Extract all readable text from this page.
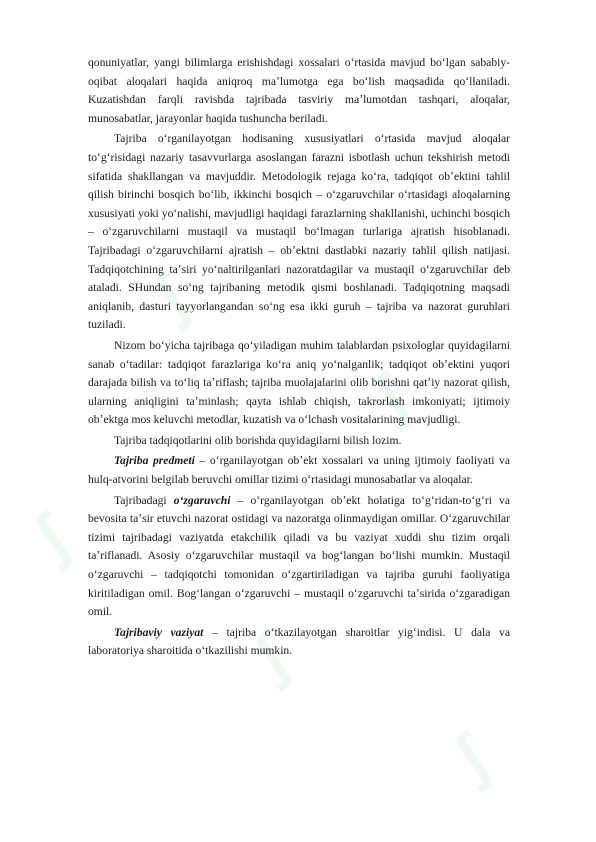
ʃ
ʃ
ʃ
ʃ
ʃ

qonuniyatlar, yangi bilimlarga erishishdagi xossalari oʻrtasida mavjud boʻlgan sababiy-oqibat aloqalari haqida aniqroq maʼlumotga ega boʻlish maqsadida qoʻllaniladi. Kuzatishdan farqli ravishda tajribada tasviriy maʼlumotdan tashqari, aloqalar, munosabatlar, jarayonlar haqida tushuncha beriladi.

Tajriba oʻrganilayotgan hodisaning xususiyatlari oʻrtasida mavjud aloqalar toʻgʻrisidagi nazariy tasavvurlarga asoslangan farazni isbotlash uchun tekshirish metodi sifatida shakllangan va mavjuddir. Metodologik rejaga koʻra, tadqiqot obʼektini tahlil qilish birinchi bosqich boʻlib, ikkinchi bosqich – oʻzgaruvchilar oʻrtasidagi aloqalarning xususiyati yoki yoʻnalishi, mavjudligi haqidagi farazlarning shakllanishi, uchinchi bosqich – oʻzgaruvchilarni mustaqil va mustaqil boʻlmagan turlariga ajratish hisoblanadi. Tajribadagi oʻzgaruvchilarni ajratish – obʼektni dastlabki nazariy tahlil qilish natijasi. Tadqiqotchining taʼsiri yoʻnaltirilganlari nazoratdagilar va mustaqil oʻzgaruvchilar deb ataladi. SHundan soʻng tajribaning metodik qismi boshlanadi. Tadqiqotning maqsadi aniqlanib, dasturi tayyorlangandan soʻng esa ikki guruh – tajriba va nazorat guruhlari tuziladi.

Nizom boʻyicha tajribaga qoʻyiladigan muhim talablardan psixologlar quyidagilarni sanab oʻtadilar: tadqiqot farazlariga koʻra aniq yoʻnalganlik; tadqiqot obʼektini yuqori darajada bilish va toʻliq taʼriflash; tajriba muolajalarini olib borishni qatʼiy nazorat qilish, ularning aniqligini taʼminlash; qayta ishlab chiqish, takrorlash imkoniyati; ijtimoiy obʼektga mos keluvchi metodlar, kuzatish va oʻlchash vositalarining mavjudligi.

Tajriba tadqiqotlarini olib borishda quyidagilarni bilish lozim.

Tajriba predmeti – oʻrganilayotgan obʼekt xossalari va uning ijtimoiy faoliyati va hulq-atvorini belgilab beruvchi omillar tizimi oʻrtasidagi munosabatlar va aloqalar.

Tajribadagi oʻzgaruvchi – oʻrganilayotgan obʼekt holatiga toʻgʻridan-toʻgʻri va bevosita taʼsir etuvchi nazorat ostidagi va nazoratga olinmaydigan omillar. Oʻzgaruvchilar tizimi tajribadagi vaziyatda etakchilik qiladi va bu vaziyat xuddi shu tizim orqali taʼriflanadi. Asosiy oʻzgaruvchilar mustaqil va bogʻlangan boʻlishi mumkin. Mustaqil oʻzgaruvchi – tadqiqotchi tomonidan oʻzgartiriladigan va tajriba guruhi faoliyatiga kiritiladigan omil. Bogʻlangan oʻzgaruvchi – mustaqil oʻzgaruvchi taʼsirida oʻzgaradigan omil.

Tajribaviy vaziyat – tajriba oʻtkazilayotgan sharoitlar yigʻindisi. U dala va laboratoriya sharoitida oʻtkazilishi mumkin.
